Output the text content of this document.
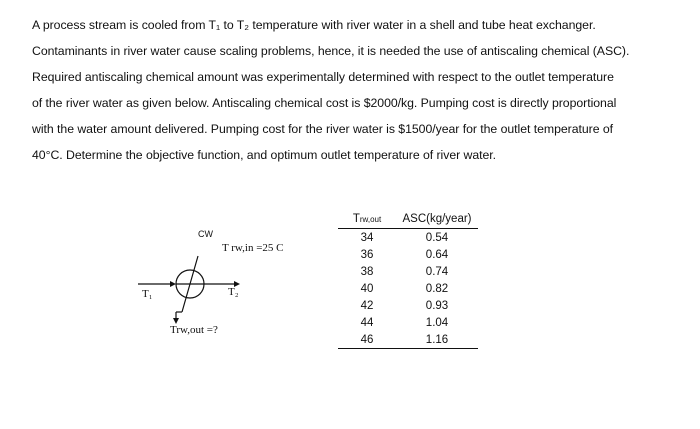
A process stream is cooled from T₁ to T₂ temperature with river water in a shell and tube heat exchanger.
Contaminants in river water cause scaling problems, hence, it is needed the use of antiscaling chemical (ASC).
Required antiscaling chemical amount was experimentally determined with respect to the outlet temperature
of the river water as given below. Antiscaling chemical cost is $2000/kg. Pumping cost is directly proportional
with the water amount delivered. Pumping cost for the river water is $1500/year for the outlet temperature of
40°C. Determine the objective function, and optimum outlet temperature of river water.
CW
T rw,in =25 C
T₁	T₂
Trw,out =?
Trw,out	ASC(kg/year)
34	0.54
36	0.64
38	0.74
40	0.82
42	0.93
44	1.04
46	1.16
